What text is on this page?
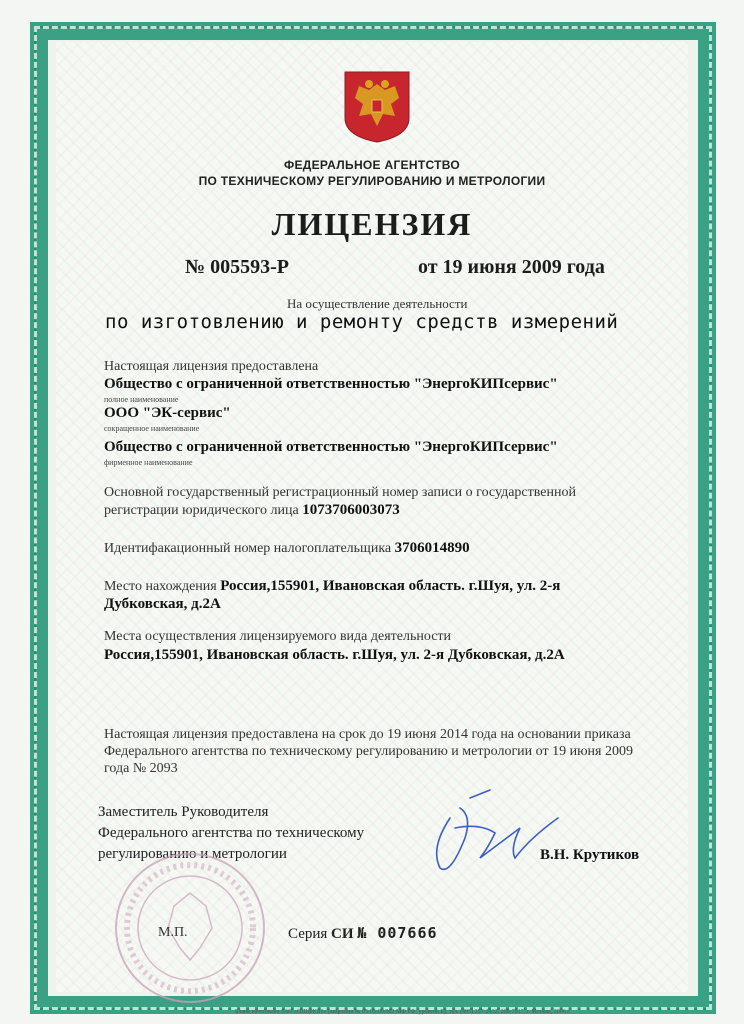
ФЕДЕРАЛЬНОЕ АГЕНТСТВО
ПО ТЕХНИЧЕСКОМУ РЕГУЛИРОВАНИЮ И МЕТРОЛОГИИ
ЛИЦЕНЗИЯ
№ 005593-Р	от 19 июня 2009 года
На осуществление деятельности
по изготовлению и ремонту средств измерений
Настоящая лицензия предоставлена
Общество с ограниченной ответственностью "ЭнергоКИПсервис"
полное наименование
ООО "ЭК-сервис"
сокращенное наименование
Общество с ограниченной ответственностью "ЭнергоКИПсервис"
фирменное наименование
Основной государственный регистрационный номер записи о государственной
регистрации юридического лица 1073706003073
Идентифакационный номер налогоплательщика 3706014890
Место нахождения Россия,155901, Ивановская область. г.Шуя, ул. 2-я
Дубковская, д.2А
Места осуществления лицензируемого вида деятельности
Россия,155901, Ивановская область. г.Шуя, ул. 2-я Дубковская, д.2А
Настоящая лицензия предоставлена на срок до 19 июня 2014 года на основании приказа
Федерального агентства по техническому регулированию и метрологии от 19 июня 2009
года № 2093
Заместитель Руководителя
Федерального агентства по техническому
регулированию и метрологии	В.Н. Крутиков
М.П.	Серия СИ № 007666
Бланк изготовлен ЗАО «ОПЦИОН» (лицензия № 05-05-09/003 МФ РФ, уровень Б), тел. (495) 257-2432, 208-7617, г. Москва, 2006 г.
